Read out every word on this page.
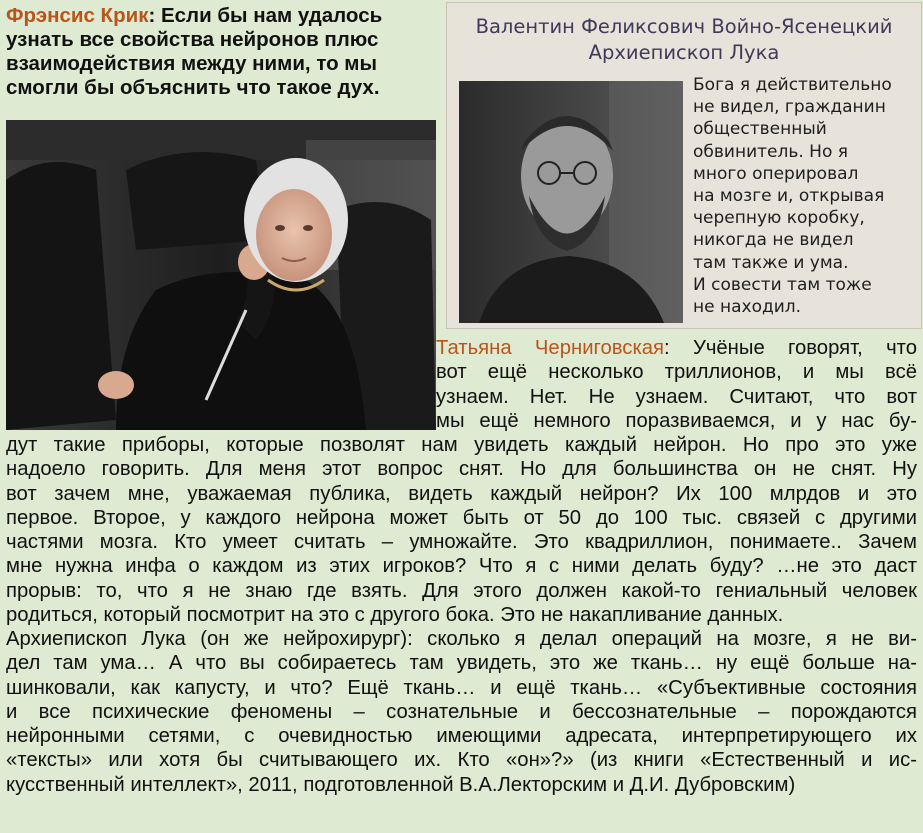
Фрэнсис Крик: Если бы нам удалось
узнать все свойства нейронов плюс
взаимодействия между ними, то мы
смогли бы объяснить что такое дух.
Валентин Феликсович Войно-Ясенецкий
Архиепископ Лука
Бога я действительно
не видел, гражданин
общественный
обвинитель. Но я
много оперировал
на мозге и, открывая
черепную коробку,
никогда не видел
там также и ума.
И совести там тоже
не находил.
Татьяна Черниговская: Учёные говорят, что
вот ещё несколько триллионов, и мы всё
узнаем. Нет. Не узнаем. Считают, что вот
мы ещё немного поразвиваемся, и у нас бу-
дут такие приборы, которые позволят нам увидеть каждый нейрон. Но про это уже
надоело говорить. Для меня этот вопрос снят. Но для большинства он не снят. Ну
вот зачем мне, уважаемая публика, видеть каждый нейрон? Их 100 млрдов и это
первое. Второе, у каждого нейрона может быть от 50 до 100 тыс. связей с другими
частями мозга. Кто умеет считать – умножайте. Это квадриллион, понимаете.. Зачем
мне нужна инфа о каждом из этих игроков? Что я с ними делать буду? …не это даст
прорыв: то, что я не знаю где взять. Для этого должен какой-то гениальный человек
родиться, который посмотрит на это с другого бока. Это не накапливание данных.
Архиепископ Лука (он же нейрохирург): сколько я делал операций на мозге, я не ви-
дел там ума… А что вы собираетесь там увидеть, это же ткань… ну ещё больше на-
шинковали, как капусту, и что? Ещё ткань… и ещё ткань… «Субъективные состояния
и все психические феномены – сознательные и бессознательные – порождаются
нейронными сетями, с очевидностью имеющими адресата, интерпретирующего их
«тексты» или хотя бы считывающего их. Кто «он»?» (из книги «Естественный и ис-
кусственный интеллект», 2011, подготовленной В.А.Лекторским и Д.И. Дубровским)
